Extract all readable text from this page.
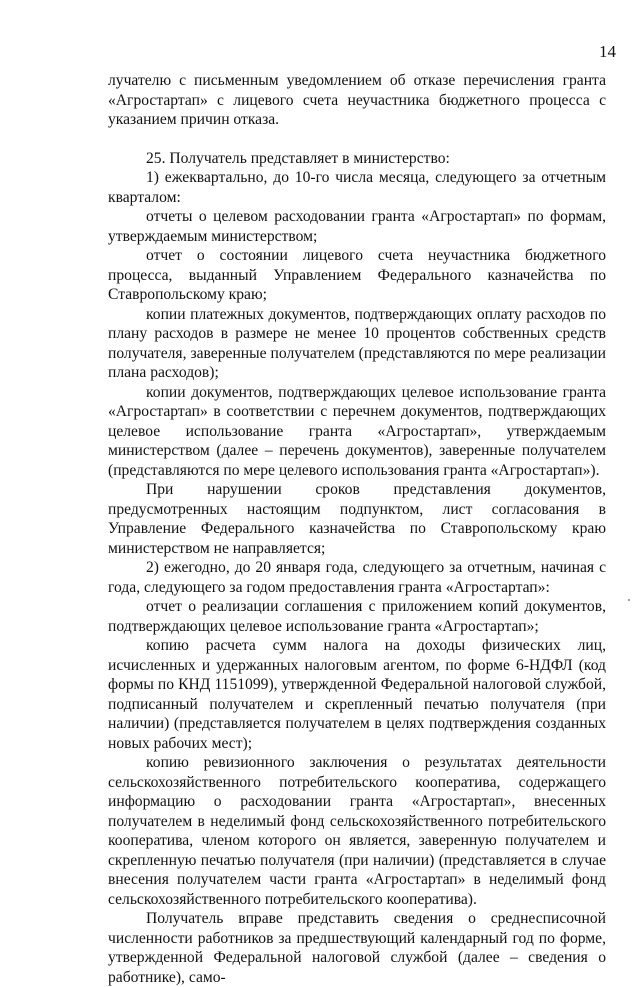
14

лучателю с письменным уведомлением об отказе перечисления гранта «Агростартап» с лицевого счета неучастника бюджетного процесса с указанием причин отказа.

25. Получатель представляет в министерство:

1) ежеквартально, до 10-го числа месяца, следующего за отчетным кварталом:

отчеты о целевом расходовании гранта «Агростартап» по формам, утверждаемым министерством;

отчет о состоянии лицевого счета неучастника бюджетного процесса, выданный Управлением Федерального казначейства по Ставропольскому краю;

копии платежных документов, подтверждающих оплату расходов по плану расходов в размере не менее 10 процентов собственных средств получателя, заверенные получателем (представляются по мере реализации плана расходов);

копии документов, подтверждающих целевое использование гранта «Агростартап» в соответствии с перечнем документов, подтверждающих целевое использование гранта «Агростартап», утверждаемым министерством (далее – перечень документов), заверенные получателем (представляются по мере целевого использования гранта «Агростартап»).

При нарушении сроков представления документов, предусмотренных настоящим подпунктом, лист согласования в Управление Федерального казначейства по Ставропольскому краю министерством не направляется;

2) ежегодно, до 20 января года, следующего за отчетным, начиная с года, следующего за годом предоставления гранта «Агростартап»:

отчет о реализации соглашения с приложением копий документов, подтверждающих целевое использование гранта «Агростартап»;

копию расчета сумм налога на доходы физических лиц, исчисленных и удержанных налоговым агентом, по форме 6-НДФЛ (код формы по КНД 1151099), утвержденной Федеральной налоговой службой, подписанный получателем и скрепленный печатью получателя (при наличии) (представляется получателем в целях подтверждения созданных новых рабочих мест);

копию ревизионного заключения о результатах деятельности сельскохозяйственного потребительского кооператива, содержащего информацию о расходовании гранта «Агростартап», внесенных получателем в неделимый фонд сельскохозяйственного потребительского кооператива, членом которого он является, заверенную получателем и скрепленную печатью получателя (при наличии) (представляется в случае внесения получателем части гранта «Агростартап» в неделимый фонд сельскохозяйственного потребительского кооператива).

Получатель вправе представить сведения о среднесписочной численности работников за предшествующий календарный год по форме, утвержденной Федеральной налоговой службой (далее – сведения о работнике), само-
